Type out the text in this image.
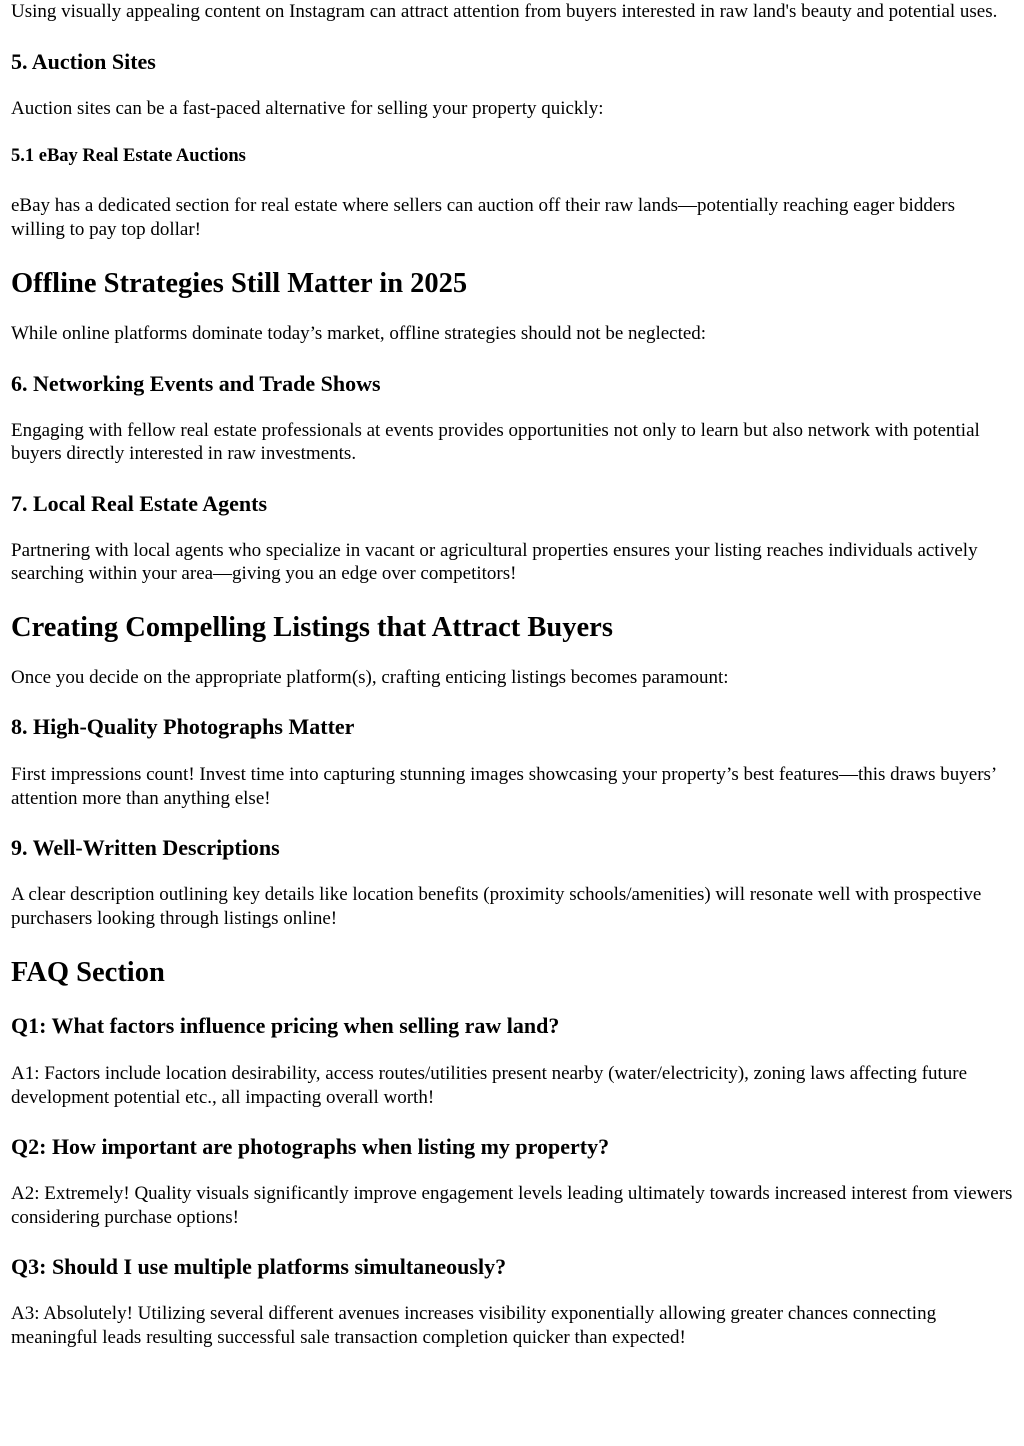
Using visually appealing content on Instagram can attract attention from buyers interested in raw land's beauty and potential uses.

5. Auction Sites

Auction sites can be a fast-paced alternative for selling your property quickly:

5.1 eBay Real Estate Auctions

eBay has a dedicated section for real estate where sellers can auction off their raw lands—potentially reaching eager bidders willing to pay top dollar!

Offline Strategies Still Matter in 2025

While online platforms dominate today’s market, offline strategies should not be neglected:

6. Networking Events and Trade Shows

Engaging with fellow real estate professionals at events provides opportunities not only to learn but also network with potential buyers directly interested in raw investments.

7. Local Real Estate Agents

Partnering with local agents who specialize in vacant or agricultural properties ensures your listing reaches individuals actively searching within your area—giving you an edge over competitors!

Creating Compelling Listings that Attract Buyers

Once you decide on the appropriate platform(s), crafting enticing listings becomes paramount:

8. High-Quality Photographs Matter

First impressions count! Invest time into capturing stunning images showcasing your property’s best features—this draws buyers’ attention more than anything else!

9. Well-Written Descriptions

A clear description outlining key details like location benefits (proximity schools/amenities) will resonate well with prospective purchasers looking through listings online!

FAQ Section
Q1: What factors influence pricing when selling raw land?

A1: Factors include location desirability, access routes/utilities present nearby (water/electricity), zoning laws affecting future development potential etc., all impacting overall worth!

Q2: How important are photographs when listing my property?

A2: Extremely! Quality visuals significantly improve engagement levels leading ultimately towards increased interest from viewers considering purchase options!

Q3: Should I use multiple platforms simultaneously?

A3: Absolutely! Utilizing several different avenues increases visibility exponentially allowing greater chances connecting meaningful leads resulting successful sale transaction completion quicker than expected!
